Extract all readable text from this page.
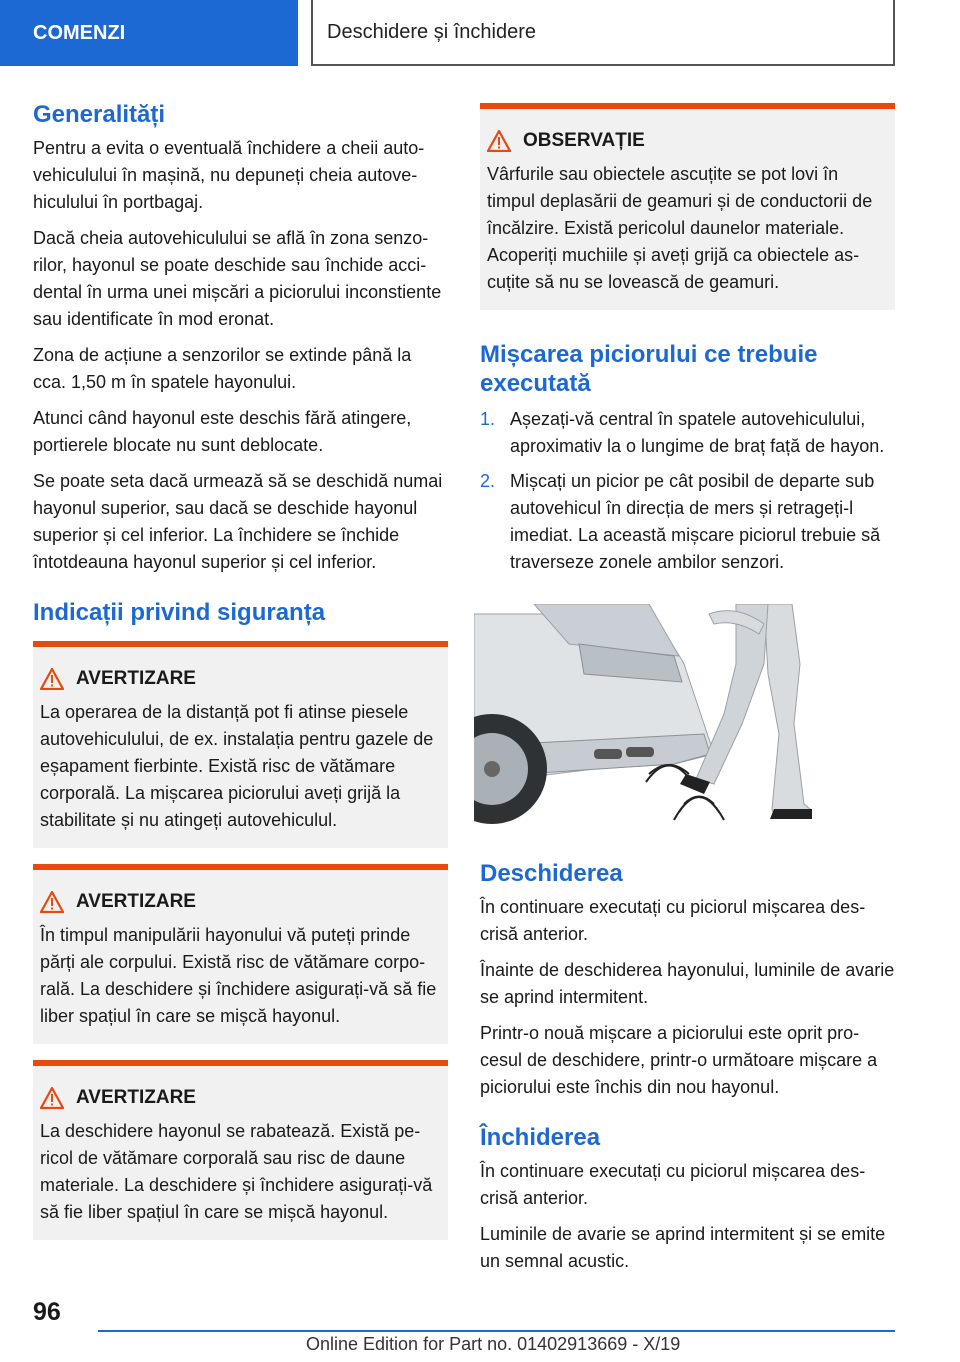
COMENZI	Deschidere și închidere
Generalități

Pentru a evita o eventuală închidere a cheii autovehiculului în mașină, nu depuneți cheia autovehiculului în portbagaj.

Dacă cheia autovehiculului se află în zona senzorilor, hayonul se poate deschide sau închide accidental în urma unei mișcări a piciorului inconstiente sau identificate în mod eronat.

Zona de acțiune a senzorilor se extinde până la cca. 1,50 m în spatele hayonului.

Atunci când hayonul este deschis fără atingere, portierele blocate nu sunt deblocate.

Se poate seta dacă urmează să se deschidă numai hayonul superior, sau dacă se deschide hayonul superior și cel inferior. La închidere se închide întotdeauna hayonul superior și cel inferior.

Indicații privind siguranța
AVERTIZARE

La operarea de la distanță pot fi atinse piesele autovehiculului, de ex. instalația pentru gazele de eșapament fierbinte. Există risc de vătămare corporală. La mișcarea piciorului aveți grijă la stabilitate și nu atingeți autovehiculul.

AVERTIZARE

În timpul manipulării hayonului vă puteți prinde părți ale corpului. Există risc de vătămare corporală. La deschidere și închidere asigurați-vă să fie liber spațiul în care se mișcă hayonul.

AVERTIZARE

La deschidere hayonul se rabatează. Există pericol de vătămare corporală sau risc de daune materiale. La deschidere și închidere asigurați-vă să fie liber spațiul în care se mișcă hayonul.

OBSERVAȚIE

Vârfurile sau obiectele ascuțite se pot lovi în timpul deplasării de geamuri și de conductorii de încălzire. Există pericolul daunelor materiale. Acoperiți muchiile și aveți grijă ca obiectele ascuțite să nu se lovească de geamuri.

Mișcarea piciorului ce trebuie executată
1. Așezați-vă central în spatele autovehiculului, aproximativ la o lungime de braț față de hayon.
2. Mișcați un picior pe cât posibil de departe sub autovehicul în direcția de mers și retrageți-l imediat. La această mișcare piciorul trebuie să traverseze zonele ambilor senzori.
Deschiderea

În continuare executați cu piciorul mișcarea descrisă anterior.

Înainte de deschiderea hayonului, luminile de avarie se aprind intermitent.

Printr-o nouă mișcare a piciorului este oprit procesul de deschidere, printr-o următoare mișcare a piciorului este închis din nou hayonul.

Închiderea

În continuare executați cu piciorul mișcarea descrisă anterior.

Luminile de avarie se aprind intermitent și se emite un semnal acustic.

96
Online Edition for Part no. 01402913669 - X/19
